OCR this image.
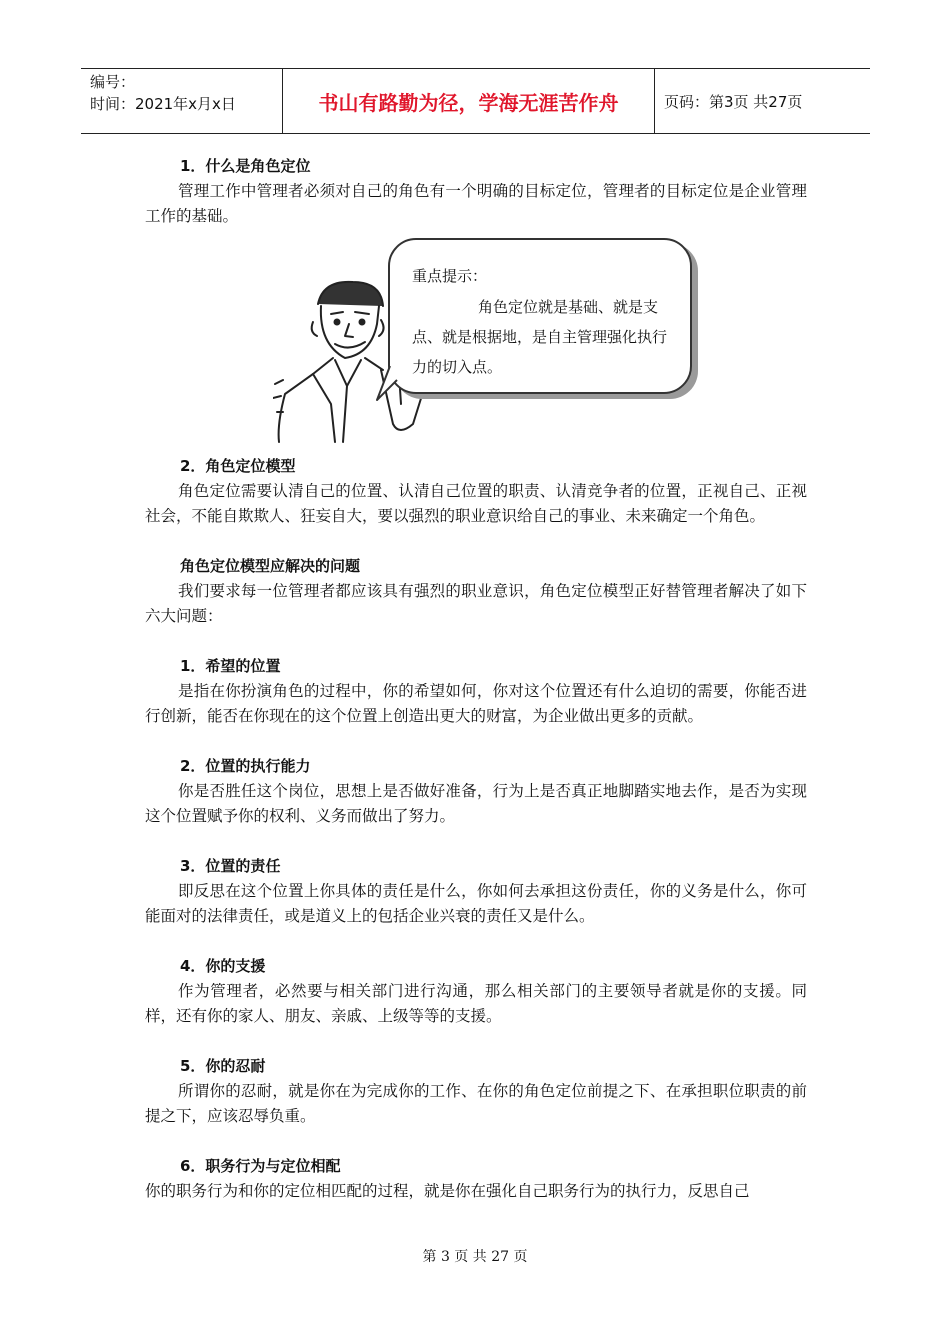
编号：
时间：2021年x月x日	书山有路勤为径，学海无涯苦作舟	页码：第3页 共27页
1．什么是角色定位
管理工作中管理者必须对自己的角色有一个明确的目标定位，管理者的目标定位是企业管理工作的基础。
重点提示：
角色定位就是基础、就是支点、就是根据地，是自主管理强化执行力的切入点。
2．角色定位模型
角色定位需要认清自己的位置、认清自己位置的职责、认清竞争者的位置，正视自己、正视社会，不能自欺欺人、狂妄自大，要以强烈的职业意识给自己的事业、未来确定一个角色。
角色定位模型应解决的问题
我们要求每一位管理者都应该具有强烈的职业意识，角色定位模型正好替管理者解决了如下六大问题：
1．希望的位置
是指在你扮演角色的过程中，你的希望如何，你对这个位置还有什么迫切的需要，你能否进行创新，能否在你现在的这个位置上创造出更大的财富，为企业做出更多的贡献。
2．位置的执行能力
你是否胜任这个岗位，思想上是否做好准备，行为上是否真正地脚踏实地去作，是否为实现这个位置赋予你的权利、义务而做出了努力。
3．位置的责任
即反思在这个位置上你具体的责任是什么，你如何去承担这份责任，你的义务是什么，你可能面对的法律责任，或是道义上的包括企业兴衰的责任又是什么。
4．你的支援
作为管理者，必然要与相关部门进行沟通，那么相关部门的主要领导者就是你的支援。同样，还有你的家人、朋友、亲戚、上级等等的支援。
5．你的忍耐
所谓你的忍耐，就是你在为完成你的工作、在你的角色定位前提之下、在承担职位职责的前提之下，应该忍辱负重。
6．职务行为与定位相配
你的职务行为和你的定位相匹配的过程，就是你在强化自己职务行为的执行力，反思自己
第 3 页 共 27 页
